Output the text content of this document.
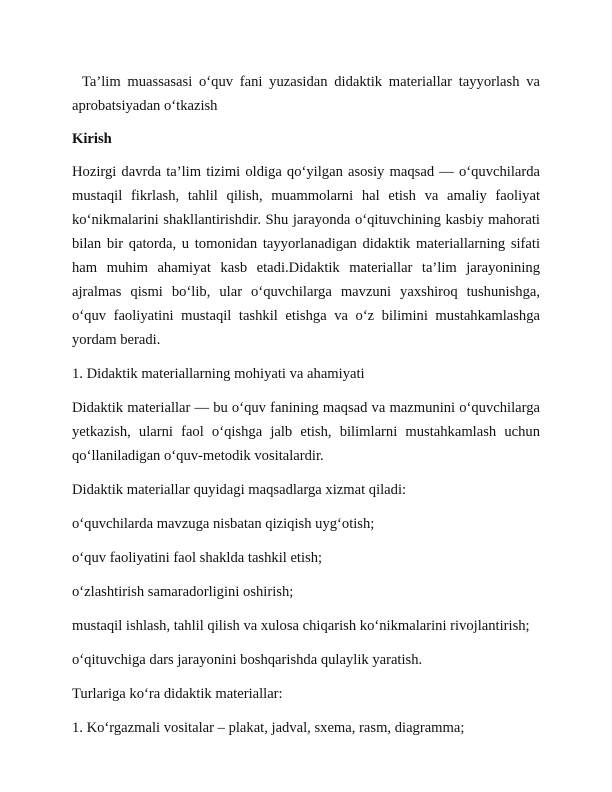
Ta’lim muassasasi o‘quv fani yuzasidan didaktik materiallar tayyorlash va aprobatsiyadan o‘tkazish

Kirish

Hozirgi davrda ta’lim tizimi oldiga qo‘yilgan asosiy maqsad — o‘quvchilarda mustaqil fikrlash, tahlil qilish, muammolarni hal etish va amaliy faoliyat ko‘nikmalarini shakllantirishdir. Shu jarayonda o‘qituvchining kasbiy mahorati bilan bir qatorda, u tomonidan tayyorlanadigan didaktik materiallarning sifati ham muhim ahamiyat kasb etadi.Didaktik materiallar ta’lim jarayonining ajralmas qismi bo‘lib, ular o‘quvchilarga mavzuni yaxshiroq tushunishga, o‘quv faoliyatini mustaqil tashkil etishga va o‘z bilimini mustahkamlashga yordam beradi.

1. Didaktik materiallarning mohiyati va ahamiyati

Didaktik materiallar — bu o‘quv fanining maqsad va mazmunini o‘quvchilarga yetkazish, ularni faol o‘qishga jalb etish, bilimlarni mustahkamlash uchun qo‘llaniladigan o‘quv-metodik vositalardir.

Didaktik materiallar quyidagi maqsadlarga xizmat qiladi:

o‘quvchilarda mavzuga nisbatan qiziqish uyg‘otish;

o‘quv faoliyatini faol shaklda tashkil etish;

o‘zlashtirish samaradorligini oshirish;

mustaqil ishlash, tahlil qilish va xulosa chiqarish ko‘nikmalarini rivojlantirish;

o‘qituvchiga dars jarayonini boshqarishda qulaylik yaratish.

Turlariga ko‘ra didaktik materiallar:

1. Ko‘rgazmali vositalar – plakat, jadval, sxema, rasm, diagramma;
